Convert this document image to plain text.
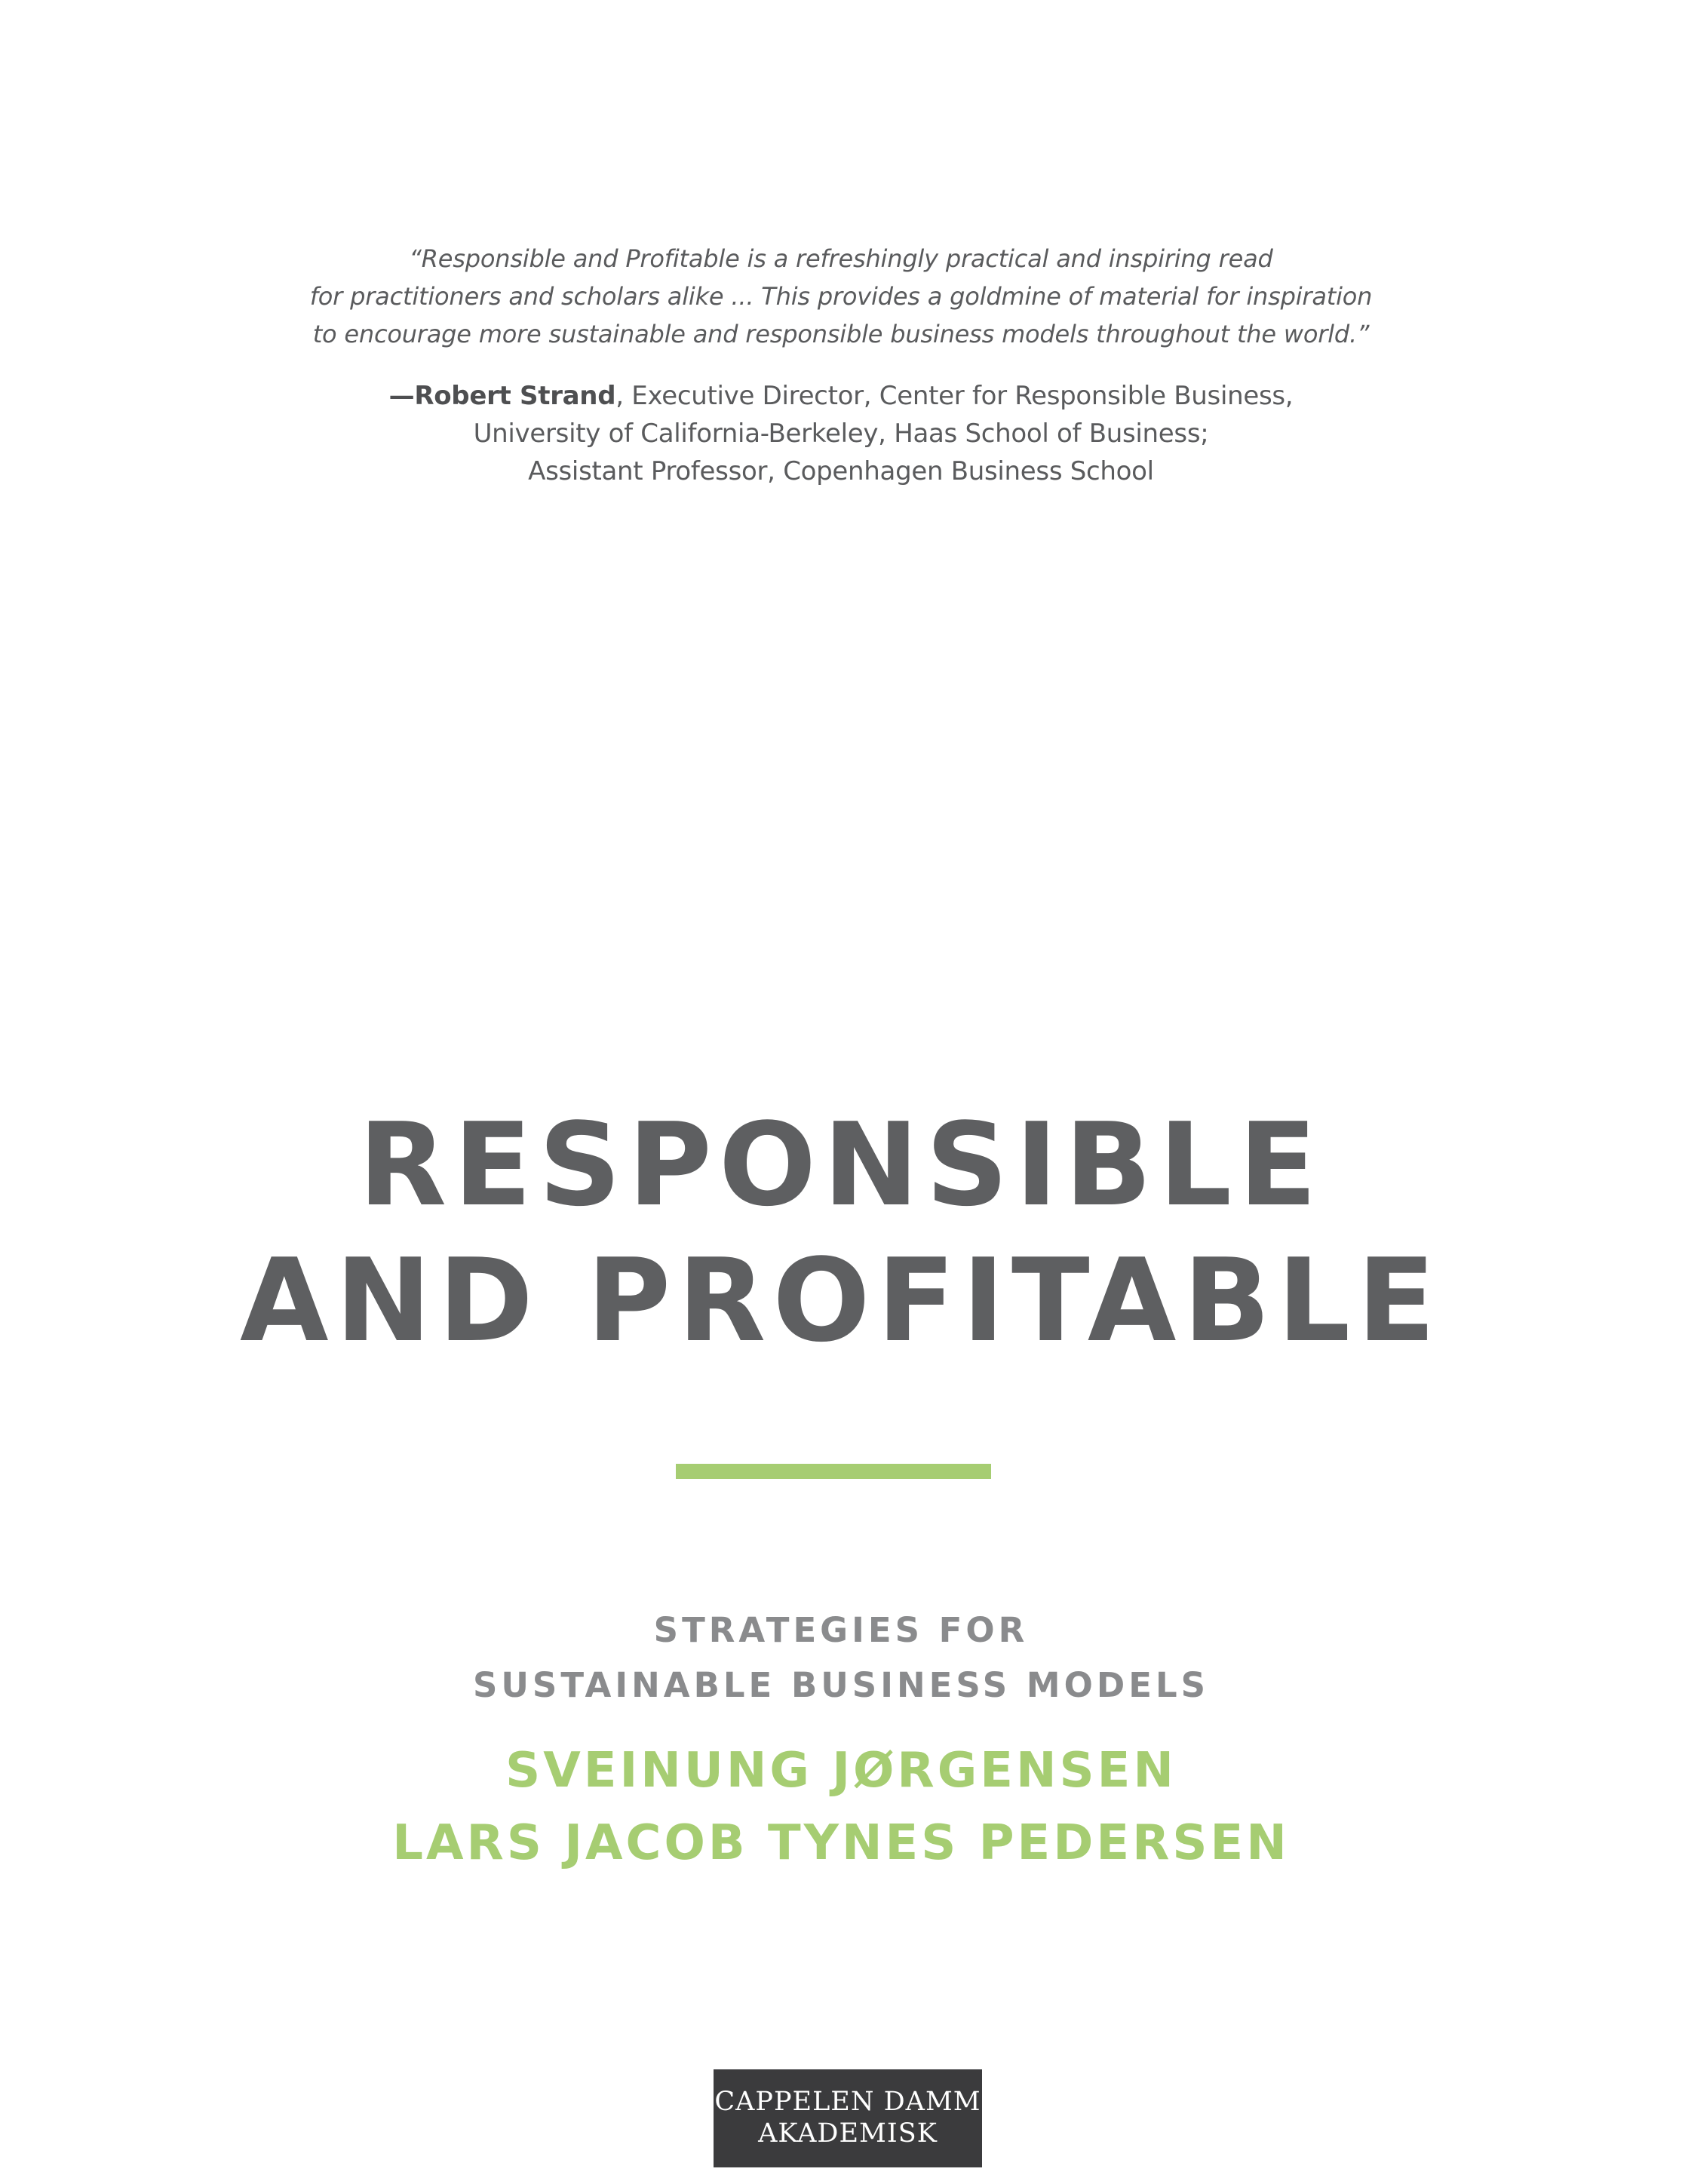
“Responsible and Profitable is a refreshingly practical and inspiring read
for practitioners and scholars alike ... This provides a goldmine of material for inspiration
to encourage more sustainable and responsible business models throughout the world.”
—Robert Strand, Executive Director, Center for Responsible Business,
University of California-Berkeley, Haas School of Business;
Assistant Professor, Copenhagen Business School
RESPONSIBLE
AND PROFITABLE
STRATEGIES FOR
SUSTAINABLE BUSINESS MODELS
SVEINUNG JØRGENSEN
LARS JACOB TYNES PEDERSEN
CAPPELEN DAMM
AKADEMISK
